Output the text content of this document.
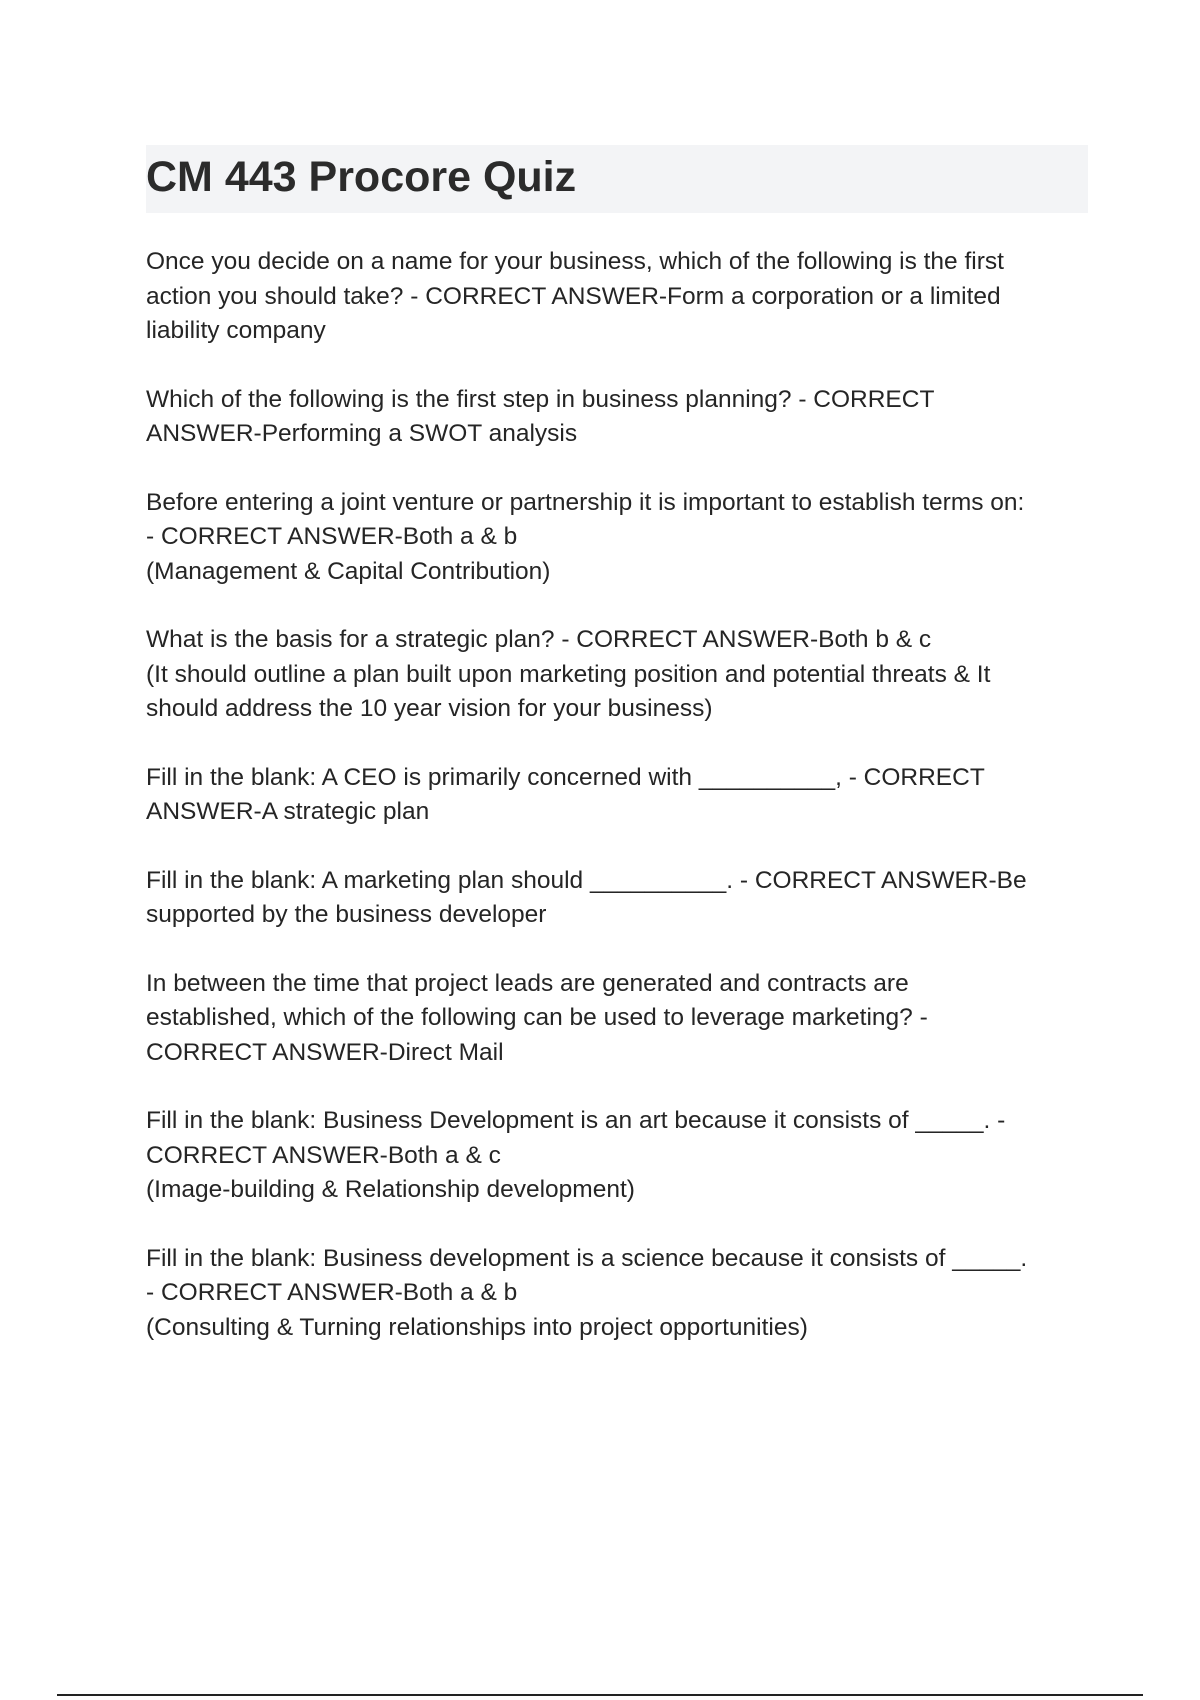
CM 443 Procore Quiz

Once you decide on a name for your business, which of the following is the first
action you should take? - CORRECT ANSWER-Form a corporation or a limited
liability company

Which of the following is the first step in business planning? - CORRECT
ANSWER-Performing a SWOT analysis

Before entering a joint venture or partnership it is important to establish terms on:
- CORRECT ANSWER-Both a & b
(Management & Capital Contribution)

What is the basis for a strategic plan? - CORRECT ANSWER-Both b & c
(It should outline a plan built upon marketing position and potential threats & It
should address the 10 year vision for your business)

Fill in the blank: A CEO is primarily concerned with __________, - CORRECT
ANSWER-A strategic plan

Fill in the blank: A marketing plan should __________. - CORRECT ANSWER-Be
supported by the business developer

In between the time that project leads are generated and contracts are
established, which of the following can be used to leverage marketing? -
CORRECT ANSWER-Direct Mail

Fill in the blank: Business Development is an art because it consists of _____. -
CORRECT ANSWER-Both a & c
(Image-building & Relationship development)

Fill in the blank: Business development is a science because it consists of _____.
- CORRECT ANSWER-Both a & b
(Consulting & Turning relationships into project opportunities)
